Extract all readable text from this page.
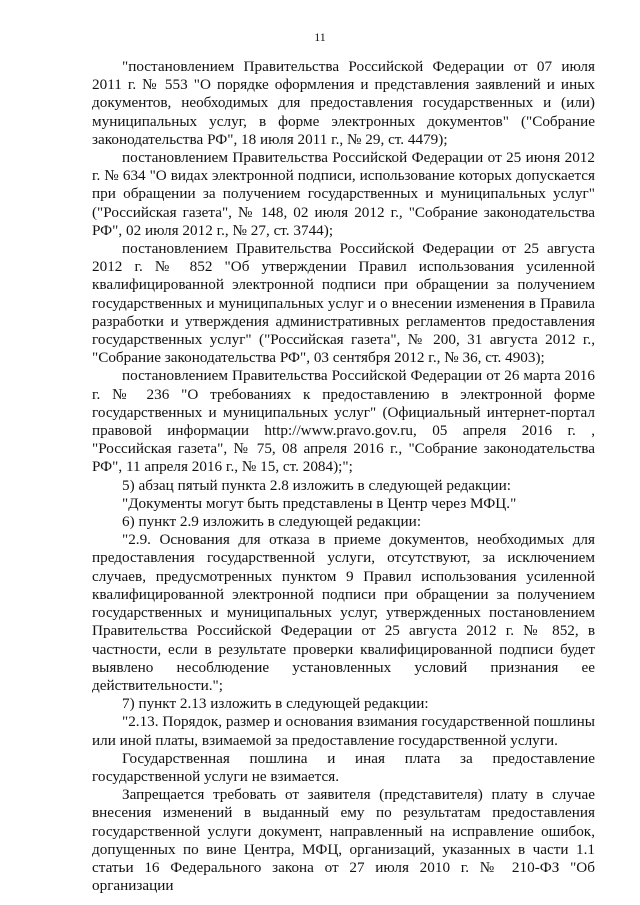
11

"постановлением Правительства Российской Федерации от 07 июля 2011 г. № 553 "О порядке оформления и представления заявлений и иных документов, необходимых для предоставления государственных и (или) муниципальных услуг, в форме электронных документов" ("Собрание законодательства РФ", 18 июля 2011 г., № 29, ст. 4479);

постановлением Правительства Российской Федерации от 25 июня 2012 г. № 634 "О видах электронной подписи, использование которых допускается при обращении за получением государственных и муниципальных услуг" ("Российская газета", № 148, 02 июля 2012 г., "Собрание законодательства РФ", 02 июля 2012 г., № 27, ст. 3744);

постановлением Правительства Российской Федерации от 25 августа 2012 г. № 852 "Об утверждении Правил использования усиленной квалифицированной электронной подписи при обращении за получением государственных и муниципальных услуг и о внесении изменения в Правила разработки и утверждения административных регламентов предоставления государственных услуг" ("Российская газета", № 200, 31 августа 2012 г., "Собрание законодательства РФ", 03 сентября 2012 г., № 36, ст. 4903);

постановлением Правительства Российской Федерации от 26 марта 2016 г. № 236 "О требованиях к предоставлению в электронной форме государственных и муниципальных услуг" (Официальный интернет-портал правовой информации http://www.pravo.gov.ru, 05 апреля 2016 г. , "Российская газета", № 75, 08 апреля 2016 г., "Собрание законодательства РФ", 11 апреля 2016 г., № 15, ст. 2084);";

5) абзац пятый пункта 2.8 изложить в следующей редакции:

"Документы могут быть представлены в Центр через МФЦ."

6) пункт 2.9 изложить в следующей редакции:

"2.9. Основания для отказа в приеме документов, необходимых для предоставления государственной услуги, отсутствуют, за исключением случаев, предусмотренных пунктом 9 Правил использования усиленной квалифицированной электронной подписи при обращении за получением государственных и муниципальных услуг, утвержденных постановлением Правительства Российской Федерации от 25 августа 2012 г. № 852, в частности, если в результате проверки квалифицированной подписи будет выявлено несоблюдение установленных условий признания ее действительности.";

7) пункт 2.13 изложить в следующей редакции:

"2.13. Порядок, размер и основания взимания государственной пошлины или иной платы, взимаемой за предоставление государственной услуги.

Государственная пошлина и иная плата за предоставление государственной услуги не взимается.

Запрещается требовать от заявителя (представителя) плату в случае внесения изменений в выданный ему по результатам предоставления государственной услуги документ, направленный на исправление ошибок, допущенных по вине Центра, МФЦ, организаций, указанных в части 1.1 статьи 16 Федерального закона от 27 июля 2010 г. № 210-ФЗ "Об организации
